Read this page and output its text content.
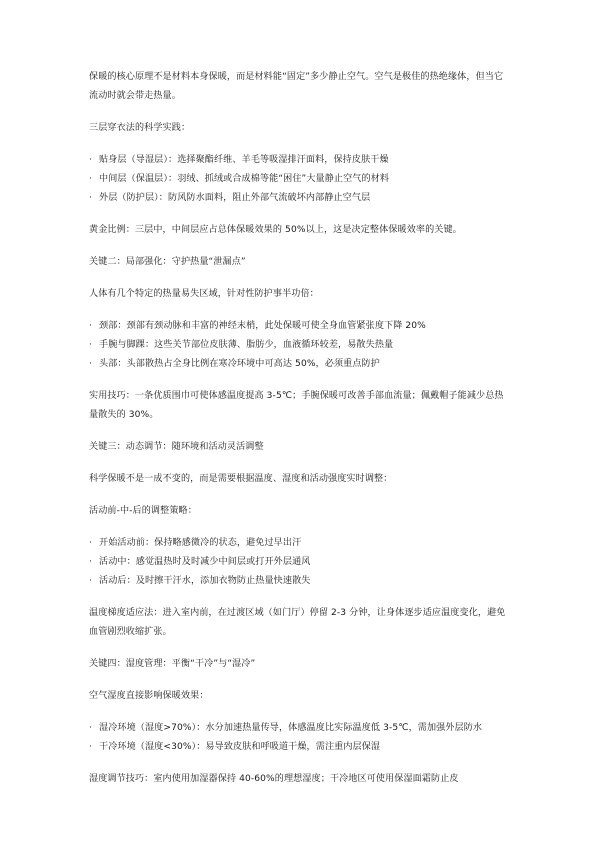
保暖的核心原理不是材料本身保暖，而是材料能“固定”多少静止空气。空气是极佳的热绝缘体，但当它流动时就会带走热量。

三层穿衣法的科学实践：

· 贴身层（导湿层）：选择聚酯纤维、羊毛等吸湿排汗面料，保持皮肤干燥
· 中间层（保温层）：羽绒、抓绒或合成棉等能“困住”大量静止空气的材料
· 外层（防护层）：防风防水面料，阻止外部气流破坏内部静止空气层

黄金比例：三层中，中间层应占总体保暖效果的 50%以上，这是决定整体保暖效率的关键。

关键二：局部强化：守护热量“泄漏点”

人体有几个特定的热量易失区域，针对性防护事半功倍：

· 颈部：颈部有颈动脉和丰富的神经末梢，此处保暖可使全身血管紧张度下降 20%
· 手腕与脚踝：这些关节部位皮肤薄、脂肪少，血液循环较差，易散失热量
· 头部：头部散热占全身比例在寒冷环境中可高达 50%，必须重点防护

实用技巧：一条优质围巾可使体感温度提高 3-5℃；手腕保暖可改善手部血流量；佩戴帽子能减少总热量散失的 30%。

关键三：动态调节：随环境和活动灵活调整

科学保暖不是一成不变的，而是需要根据温度、湿度和活动强度实时调整：

活动前-中-后的调整策略：

· 开始活动前：保持略感微冷的状态，避免过早出汗
· 活动中：感觉温热时及时减少中间层或打开外层通风
· 活动后：及时擦干汗水，添加衣物防止热量快速散失

温度梯度适应法：进入室内前，在过渡区域（如门厅）停留 2-3 分钟，让身体逐步适应温度变化，避免血管剧烈收缩扩张。

关键四：湿度管理：平衡“干冷”与“湿冷”

空气湿度直接影响保暖效果：

· 湿冷环境（湿度>70%）：水分加速热量传导，体感温度比实际温度低 3-5℃，需加强外层防水
· 干冷环境（湿度<30%）：易导致皮肤和呼吸道干燥，需注重内层保湿

湿度调节技巧：室内使用加湿器保持 40-60%的理想湿度；干冷地区可使用保湿面霜防止皮
